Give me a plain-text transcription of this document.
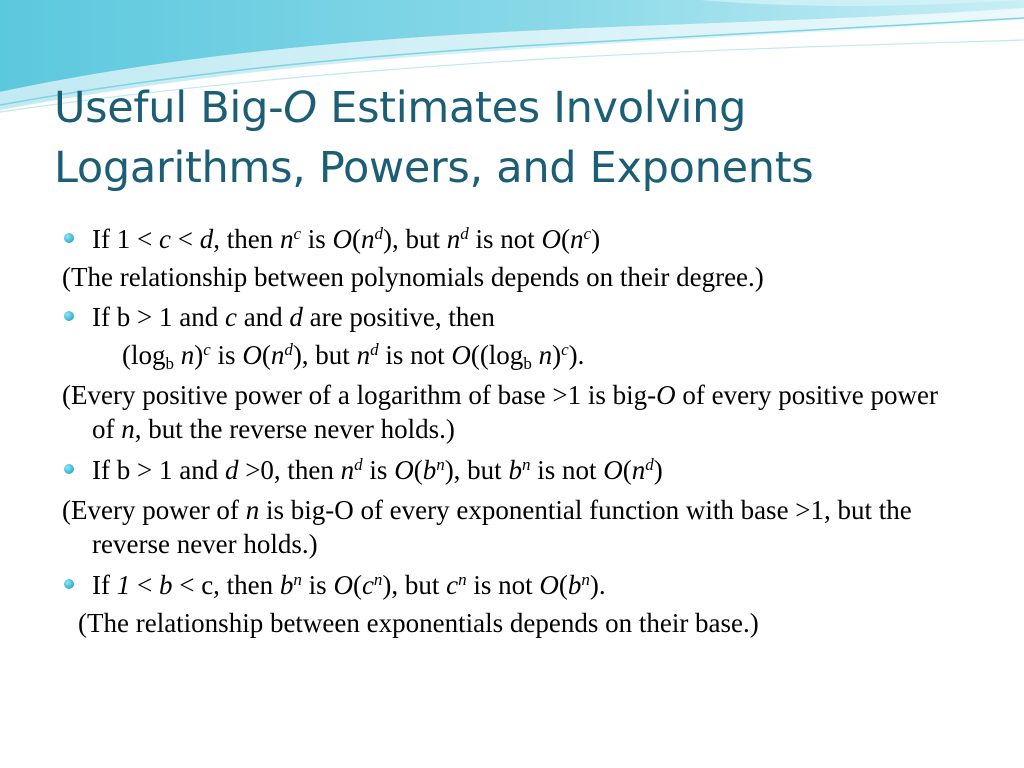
Useful Big-O Estimates Involving
Logarithms, Powers, and Exponents

If 1 < c < d, then $n^c$ is $O(n^d)$, but $n^d$ is not $O(n^c)$

(The relationship between polynomials depends on their degree.)

If b > 1 and c and d are positive, then

($\log_b$ n)$^c$ is $O(n^d)$, but $n^d$ is not $O((\log_b$ n)$^c$).

(Every positive power of a logarithm of base >1 is big-O of every positive power of n, but the reverse never holds.)

If b > 1 and d >0, then $n^d$ is $O(b^n)$, but $b^n$ is not $O(n^d)$

(Every power of n is big-O of every exponential function with base >1, but the reverse never holds.)

If 1 < b < c, then $b^n$ is $O(c^n)$, but $c^n$ is not $O(b^n)$.

(The relationship between exponentials depends on their base.)
